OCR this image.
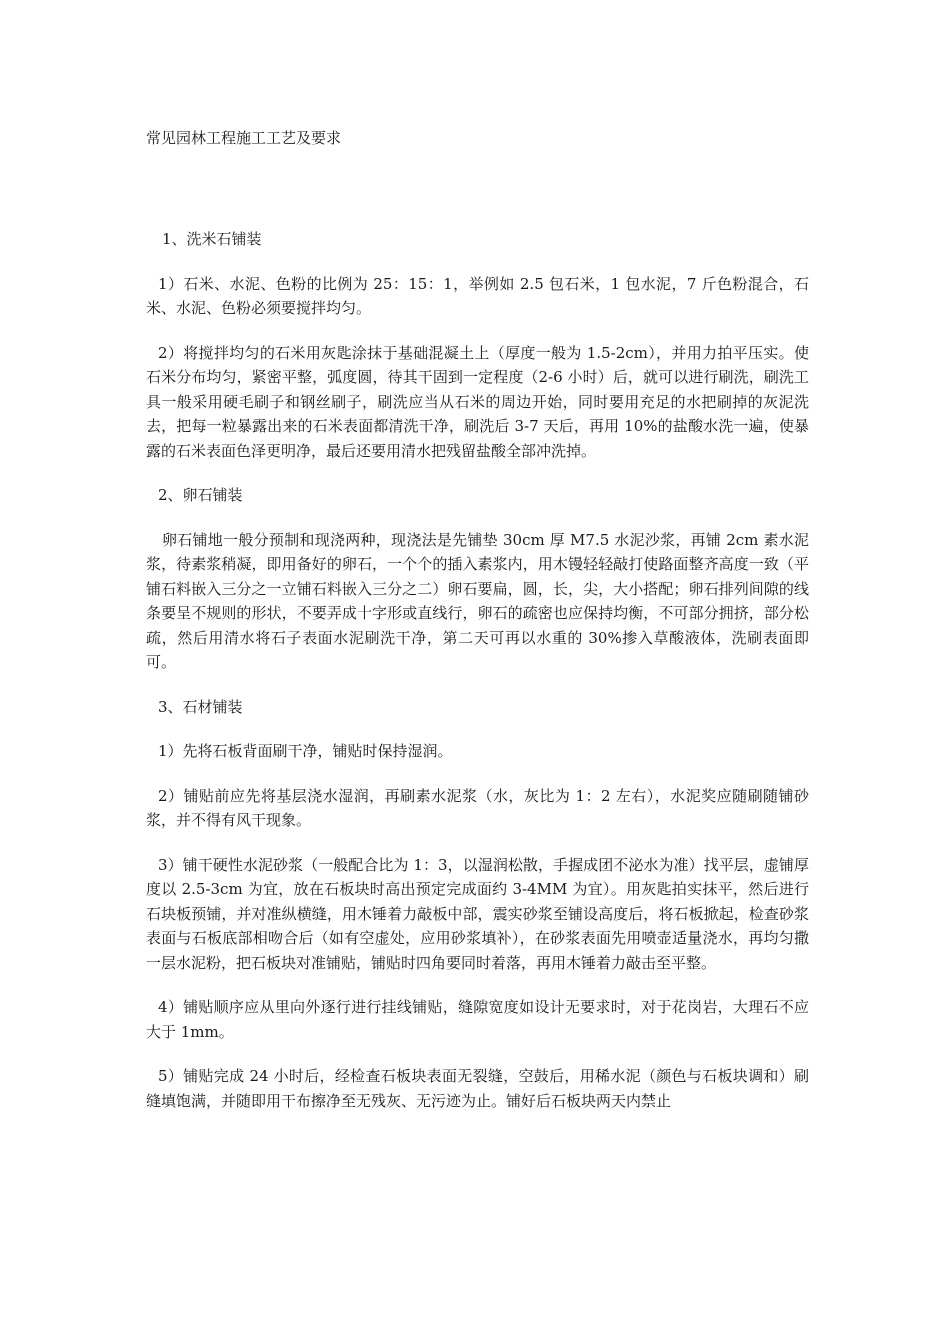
常见园林工程施工工艺及要求

1、洗米石铺装

1）石米、水泥、色粉的比例为 25：15：1，举例如 2.5 包石米，1 包水泥，7 斤色粉混合，石米、水泥、色粉必须要搅拌均匀。

2）将搅拌均匀的石米用灰匙涂抹于基础混凝土上（厚度一般为 1.5-2cm），并用力拍平压实。使石米分布均匀，紧密平整，弧度圆，待其干固到一定程度（2-6 小时）后，就可以进行刷洗，刷洗工具一般采用硬毛刷子和钢丝刷子，刷洗应当从石米的周边开始，同时要用充足的水把刷掉的灰泥洗去，把每一粒暴露出来的石米表面都清洗干净，刷洗后 3-7 天后，再用 10%的盐酸水洗一遍，使暴露的石米表面色泽更明净，最后还要用清水把残留盐酸全部冲洗掉。

2、卵石铺装

卵石铺地一般分预制和现浇两种，现浇法是先铺垫 30cm 厚 M7.5 水泥沙浆，再铺 2cm 素水泥浆，待素浆稍凝，即用备好的卵石，一个个的插入素浆内，用木镘轻轻敲打使路面整齐高度一致（平铺石料嵌入三分之一立铺石料嵌入三分之二）卵石要扁，圆，长，尖，大小搭配；卵石排列间隙的线条要呈不规则的形状，不要弄成十字形或直线行，卵石的疏密也应保持均衡，不可部分拥挤，部分松疏，然后用清水将石子表面水泥刷洗干净，第二天可再以水重的 30%掺入草酸液体，洗刷表面即可。

3、石材铺装

1）先将石板背面刷干净，铺贴时保持湿润。

2）铺贴前应先将基层浇水湿润，再刷素水泥浆（水，灰比为 1：2 左右），水泥奖应随刷随铺砂浆，并不得有风干现象。

3）铺干硬性水泥砂浆（一般配合比为 1：3，以湿润松散，手握成团不泌水为准）找平层，虚铺厚度以 2.5-3cm 为宜，放在石板块时高出预定完成面约 3-4MM 为宜）。用灰匙拍实抹平，然后进行石块板预铺，并对准纵横缝，用木锤着力敲板中部，震实砂浆至铺设高度后，将石板掀起，检查砂浆表面与石板底部相吻合后（如有空虚处，应用砂浆填补），在砂浆表面先用喷壶适量浇水，再均匀撒一层水泥粉，把石板块对准铺贴，铺贴时四角要同时着落，再用木锤着力敲击至平整。

4）铺贴顺序应从里向外逐行进行挂线铺贴，缝隙宽度如设计无要求时，对于花岗岩，大理石不应大于 1mm。

5）铺贴完成 24 小时后，经检查石板块表面无裂缝，空鼓后，用稀水泥（颜色与石板块调和）刷缝填饱满，并随即用干布擦净至无残灰、无污迹为止。铺好后石板块两天内禁止
